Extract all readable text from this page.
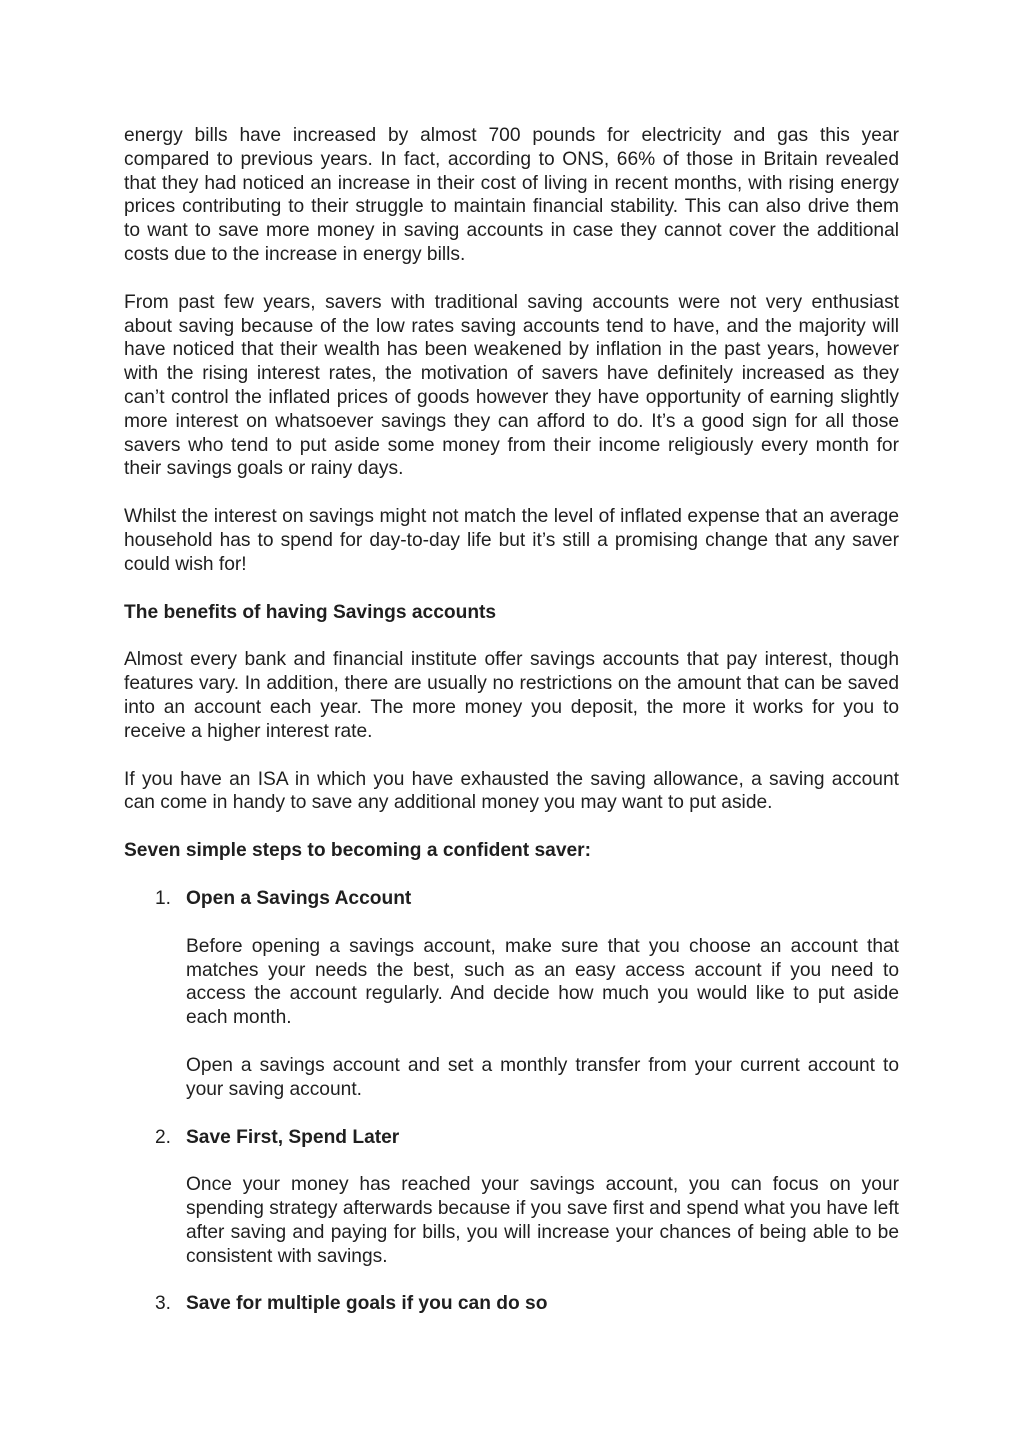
energy bills have increased by almost 700 pounds for electricity and gas this year compared to previous years. In fact, according to ONS, 66% of those in Britain revealed that they had noticed an increase in their cost of living in recent months, with rising energy prices contributing to their struggle to maintain financial stability. This can also drive them to want to save more money in saving accounts in case they cannot cover the additional costs due to the increase in energy bills.

From past few years, savers with traditional saving accounts were not very enthusiast about saving because of the low rates saving accounts tend to have, and the majority will have noticed that their wealth has been weakened by inflation in the past years, however with the rising interest rates, the motivation of savers have definitely increased as they can’t control the inflated prices of goods however they have opportunity of earning slightly more interest on whatsoever savings they can afford to do. It’s a good sign for all those savers who tend to put aside some money from their income religiously every month for their savings goals or rainy days.

Whilst the interest on savings might not match the level of inflated expense that an average household has to spend for day-to-day life but it’s still a promising change that any saver could wish for!

The benefits of having Savings accounts

Almost every bank and financial institute offer savings accounts that pay interest, though features vary. In addition, there are usually no restrictions on the amount that can be saved into an account each year. The more money you deposit, the more it works for you to receive a higher interest rate.

If you have an ISA in which you have exhausted the saving allowance, a saving account can come in handy to save any additional money you may want to put aside.

Seven simple steps to becoming a confident saver:

1. Open a Savings Account

Before opening a savings account, make sure that you choose an account that matches your needs the best, such as an easy access account if you need to access the account regularly. And decide how much you would like to put aside each month.

Open a savings account and set a monthly transfer from your current account to your saving account.

2. Save First, Spend Later

Once your money has reached your savings account, you can focus on your spending strategy afterwards because if you save first and spend what you have left after saving and paying for bills, you will increase your chances of being able to be consistent with savings.

3. Save for multiple goals if you can do so
